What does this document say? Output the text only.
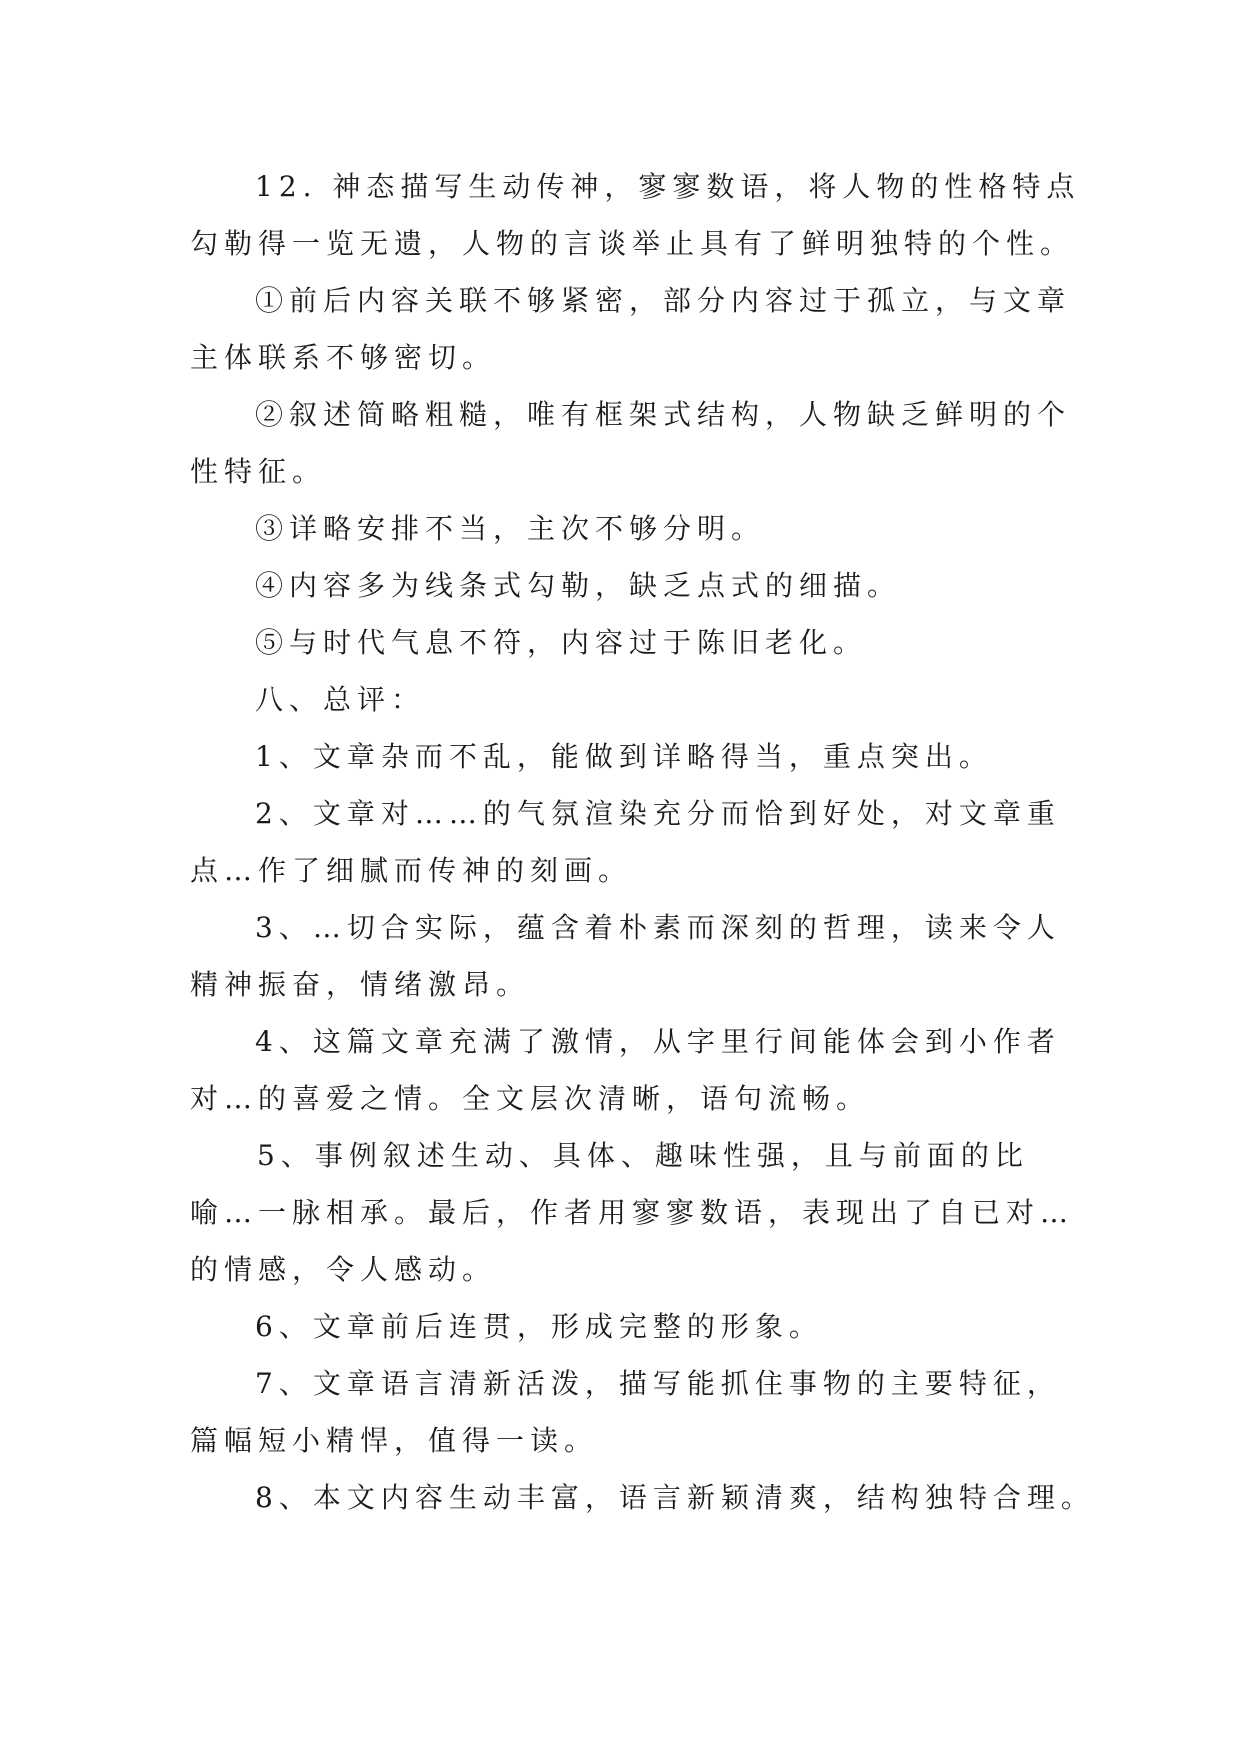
12. 神态描写生动传神，寥寥数语，将人物的性格特点
勾勒得一览无遗，人物的言谈举止具有了鲜明独特的个性。
①前后内容关联不够紧密，部分内容过于孤立，与文章
主体联系不够密切。
②叙述简略粗糙，唯有框架式结构，人物缺乏鲜明的个
性特征。
③详略安排不当，主次不够分明。
④内容多为线条式勾勒，缺乏点式的细描。
⑤与时代气息不符，内容过于陈旧老化。
八、总评：
1、文章杂而不乱，能做到详略得当，重点突出。
2、文章对……的气氛渲染充分而恰到好处，对文章重
点…作了细腻而传神的刻画。
3、…切合实际，蕴含着朴素而深刻的哲理，读来令人
精神振奋，情绪激昂。
4、这篇文章充满了激情，从字里行间能体会到小作者
对…的喜爱之情。全文层次清晰，语句流畅。
5、事例叙述生动、具体、趣味性强，且与前面的比
喻…一脉相承。最后，作者用寥寥数语，表现出了自已对…
的情感，令人感动。
6、文章前后连贯，形成完整的形象。
7、文章语言清新活泼，描写能抓住事物的主要特征，
篇幅短小精悍，值得一读。
8、本文内容生动丰富，语言新颖清爽，结构独特合理。
